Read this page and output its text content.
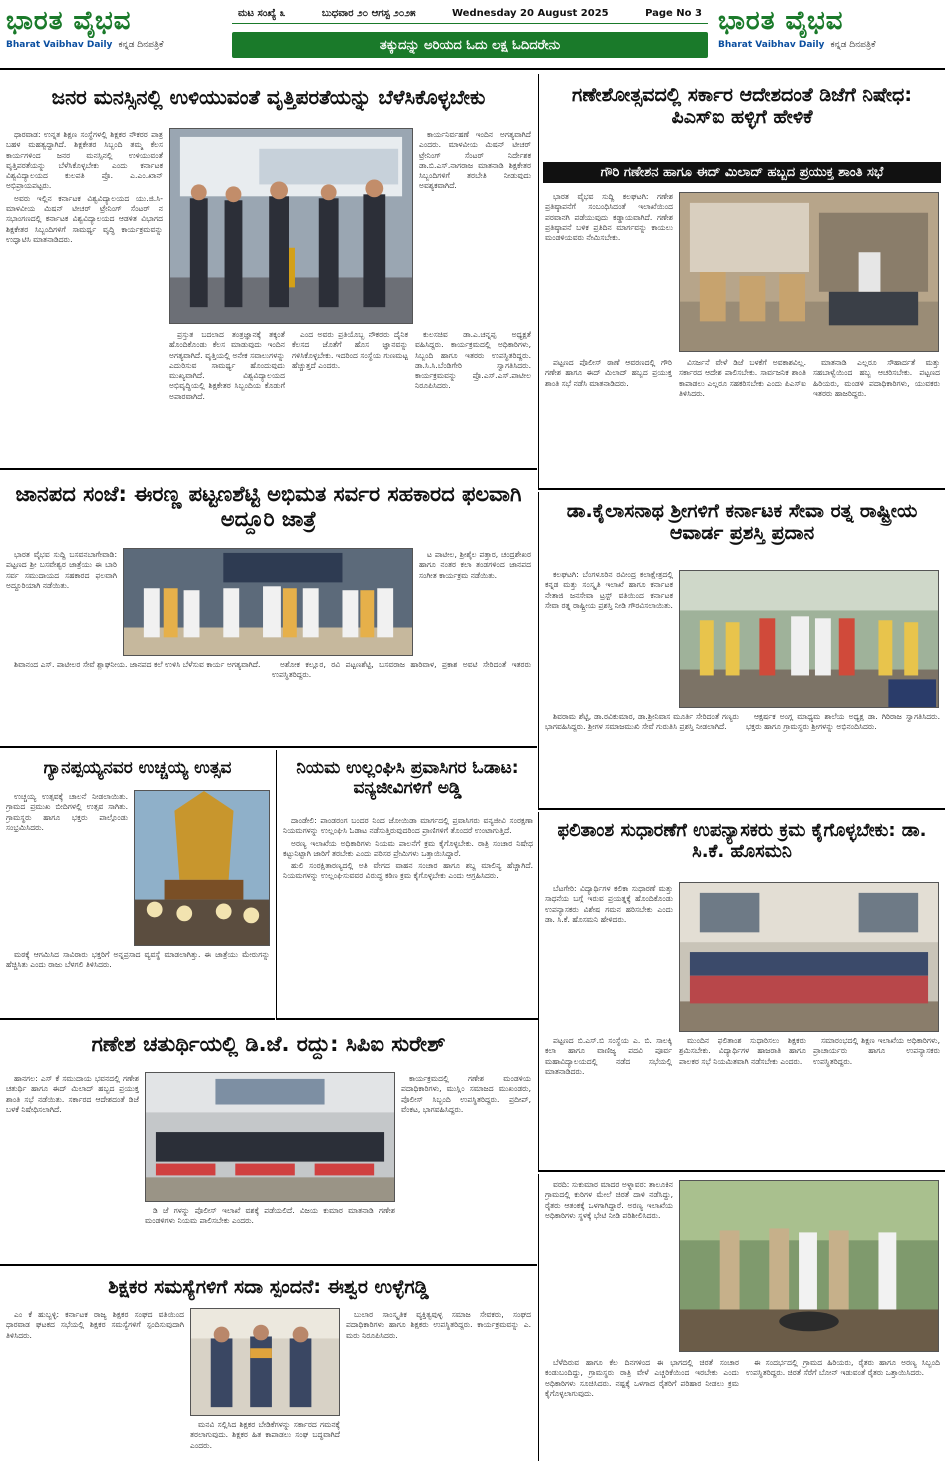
ಭಾರತ ವೈಭವ
Bharat Vaibhav Daily ಕನ್ನಡ ದಿನಪತ್ರಿಕೆ
ಮಟ ಸಂಖ್ಯೆ ೩	ಬುಧವಾರ ೨೦ ಆಗಸ್ಟ ೨೦೨೫	Wednesday 20 August 2025	Page No 3
ತಕ್ಕುದನ್ನು ಅರಿಯದ ಓದು ಲಕ್ಷ ಓದಿದರೇನು
ಭಾರತ ವೈಭವ
Bharat Vaibhav Daily ಕನ್ನಡ ದಿನಪತ್ರಿಕೆ
ಜನರ ಮನಸ್ಸಿನಲ್ಲಿ ಉಳಿಯುವಂತೆ ವೃತ್ತಿಪರತೆಯನ್ನು ಬೆಳೆಸಿಕೊಳ್ಳಬೇಕು

ಧಾರವಾಡ: ಉನ್ನತ ಶಿಕ್ಷಣ ಸಂಸ್ಥೆಗಳಲ್ಲಿ ಶಿಕ್ಷಕರ ನೌಕರರ ಪಾತ್ರ ಬಹಳ ಮಹತ್ವದ್ದಾಗಿದೆ. ಶಿಕ್ಷಕೇತರ ಸಿಬ್ಬಂದಿ ತಮ್ಮ ಕೆಲಸ ಕಾರ್ಯಗಳಿಂದ ಜನರ ಮನಸ್ಸಿನಲ್ಲಿ ಉಳಿಯುವಂತೆ ವೃತ್ತಿಪರತೆಯನ್ನು ಬೆಳೆಸಿಕೊಳ್ಳಬೇಕು ಎಂದು ಕರ್ನಾಟಕ ವಿಶ್ವವಿದ್ಯಾಲಯದ ಕುಲಪತಿ ಪ್ರೊ. ಎ.ಎಂ.ಖಾನ್ ಅಭಿಪ್ರಾಯಪಟ್ಟರು.

ಅವರು ಇಲ್ಲಿನ ಕರ್ನಾಟಕ ವಿಶ್ವವಿದ್ಯಾಲಯದ ಯು.ಜಿ.ಸಿ-ಮಾಳವೀಯ ಮಿಷನ್ ಟೀಚರ್ ಟ್ರೇನಿಂಗ್ ಸೆಂಟರ್ ನ ಸಭಾಂಗಣದಲ್ಲಿ ಕರ್ನಾಟಕ ವಿಶ್ವವಿದ್ಯಾಲಯದ ಆಡಳಿತ ವಿಭಾಗದ ಶಿಕ್ಷಕೇತರ ಸಿಬ್ಬಂದಿಗಳಿಗೆ ಸಾಮರ್ಥ್ಯ ವೃದ್ಧಿ ಕಾರ್ಯಕ್ರಮವನ್ನು ಉದ್ಘಾಟಿಸಿ ಮಾತನಾಡಿದರು.

ಕಾರ್ಯನಿರ್ವಹಣೆ ಇಂದಿನ ಅಗತ್ಯವಾಗಿದೆ ಎಂದರು. ಮಾಳವೀಯ ಮಿಷನ್ ಟೀಚರ್ ಟ್ರೇನಿಂಗ್ ಸೆಂಟರ್ ನಿರ್ದೇಶಕ ಡಾ.ಬಿ.ಎಸ್.ನಾಗರಾಜ ಮಾತನಾಡಿ ಶಿಕ್ಷಕೇತರ ಸಿಬ್ಬಂದಿಗಳಿಗೆ ತರಬೇತಿ ನೀಡುವುದು ಅವಶ್ಯಕವಾಗಿದೆ.

ಪ್ರಸ್ತುತ ಬದಲಾದ ತಂತ್ರಜ್ಞಾನಕ್ಕೆ ತಕ್ಕಂತೆ ಹೊಂದಿಕೊಂಡು ಕೆಲಸ ಮಾಡುವುದು ಇಂದಿನ ಅಗತ್ಯವಾಗಿದೆ. ವೃತ್ತಿಯಲ್ಲಿ ಅನೇಕ ಸವಾಲುಗಳನ್ನು ಎದುರಿಸುವ ಸಾಮರ್ಥ್ಯ ಹೊಂದುವುದು ಮುಖ್ಯವಾಗಿದೆ. ವಿಶ್ವವಿದ್ಯಾಲಯದ ಅಭಿವೃದ್ಧಿಯಲ್ಲಿ ಶಿಕ್ಷಕೇತರ ಸಿಬ್ಬಂದಿಯ ಕೊಡುಗೆ ಅಪಾರವಾಗಿದೆ.

ಎಂದ ಅವರು ಪ್ರತಿಯೊಬ್ಬ ನೌಕರರು ದೈನಿಕ ಕೆಲಸದ ಜೊತೆಗೆ ಹೊಸ ಜ್ಞಾನವನ್ನು ಗಳಿಸಿಕೊಳ್ಳಬೇಕು. ಇದರಿಂದ ಸಂಸ್ಥೆಯ ಗುಣಮಟ್ಟ ಹೆಚ್ಚುತ್ತದೆ ಎಂದರು.

ಕುಲಸಚಿವ ಡಾ.ಎ.ಚನ್ನಪ್ಪ ಅಧ್ಯಕ್ಷತೆ ವಹಿಸಿದ್ದರು. ಕಾರ್ಯಕ್ರಮದಲ್ಲಿ ಅಧಿಕಾರಿಗಳು, ಸಿಬ್ಬಂದಿ ಹಾಗೂ ಇತರರು ಉಪಸ್ಥಿತರಿದ್ದರು. ಡಾ.ಸಿ.ಸಿ.ಬೆಂಡಿಗೇರಿ ಸ್ವಾಗತಿಸಿದರು. ಕಾರ್ಯಕ್ರಮವನ್ನು ಪ್ರೊ.ಎಸ್.ಎಸ್.ಪಾಟೀಲ ನಿರೂಪಿಸಿದರು.

ಗಣೇಶೋತ್ಸವದಲ್ಲಿ ಸರ್ಕಾರ ಆದೇಶದಂತೆ ಡಿಜೆಗೆ ನಿಷೇಧ: ಪಿಎಸ್ಐ ಹಳ್ಳಿಗೆ ಹೇಳಿಕೆ
ಗೌರಿ ಗಣೇಶನ ಹಾಗೂ ಈದ್ ಮಿಲಾದ್ ಹಬ್ಬದ ಪ್ರಯುಕ್ತ ಶಾಂತಿ ಸಭೆ

ಭಾರತ ವೈಭವ ಸುದ್ದಿ ಕಲಘಟಗಿ: ಗಣೇಶ ಪ್ರತಿಷ್ಠಾಪನೆಗೆ ಸಂಬಂಧಿಸಿದಂತೆ ಇಲಾಖೆಯಿಂದ ಪರವಾನಗಿ ಪಡೆಯುವುದು ಕಡ್ಡಾಯವಾಗಿದೆ. ಗಣೇಶ ಪ್ರತಿಷ್ಠಾಪನೆ ಬಳಿಕ ಪ್ರತಿದಿನ ಮಾರ್ಗವನ್ನು ಕಾಯಲು ಮಂಡಳಿಯವರು ನೇಮಿಸಬೇಕು.

ಪಟ್ಟಣದ ಪೊಲೀಸ್ ಠಾಣೆ ಆವರಣದಲ್ಲಿ ಗೌರಿ ಗಣೇಶ ಹಾಗೂ ಈದ್ ಮಿಲಾದ್ ಹಬ್ಬದ ಪ್ರಯುಕ್ತ ಶಾಂತಿ ಸಭೆ ನಡೆಸಿ ಮಾತನಾಡಿದರು.

ವಿಸರ್ಜನೆ ವೇಳೆ ಡಿಜೆ ಬಳಕೆಗೆ ಅವಕಾಶವಿಲ್ಲ. ಸರ್ಕಾರದ ಆದೇಶ ಪಾಲಿಸಬೇಕು. ಸಾರ್ವಜನಿಕ ಶಾಂತಿ ಕಾಪಾಡಲು ಎಲ್ಲರೂ ಸಹಕರಿಸಬೇಕು ಎಂದು ಪಿಎಸ್ಐ ತಿಳಿಸಿದರು.

ಮಾತನಾಡಿ ಎಲ್ಲರೂ ಸೌಹಾರ್ದತೆ ಮತ್ತು ಸಹಬಾಳ್ವೆಯಿಂದ ಹಬ್ಬ ಆಚರಿಸಬೇಕು. ಪಟ್ಟಣದ ಹಿರಿಯರು, ಮಂಡಳಿ ಪದಾಧಿಕಾರಿಗಳು, ಯುವಕರು ಇತರರು ಹಾಜರಿದ್ದರು.

ಜಾನಪದ ಸಂಜೆ: ಈರಣ್ಣ ಪಟ್ಟಣಶೆಟ್ಟಿ ಅಭಿಮತ ಸರ್ವರ ಸಹಕಾರದ ಫಲವಾಗಿ ಅದ್ದೂರಿ ಜಾತ್ರೆ

ಭಾರತ ವೈಭವ ಸುದ್ದಿ ಬಸವನಬಾಗೇವಾಡಿ: ಪಟ್ಟಣದ ಶ್ರೀ ಬಸವೇಶ್ವರ ಜಾತ್ರೆಯು ಈ ಬಾರಿ ಸರ್ವ ಸಮುದಾಯದ ಸಹಕಾರದ ಫಲವಾಗಿ ಅದ್ದೂರಿಯಾಗಿ ನಡೆಯಿತು.

ಟ ಪಾಟೀಲ, ಶ್ರೀಶೈಲ ಪತ್ತಾರ, ಚಂದ್ರಶೇಖರ ಹಾಗೂ ನಂತರ ಕಲಾ ತಂಡಗಳಿಂದ ಜಾನಪದ ಸಂಗೀತ ಕಾರ್ಯಕ್ರಮ ನಡೆಯಿತು.

ಶಿವಾನಂದ ಎಸ್. ಪಾಟೀಲರ ಸೇವೆ ಶ್ಲಾಘನೀಯ. ಜಾನಪದ ಕಲೆ ಉಳಿಸಿ ಬೆಳೆಸುವ ಕಾರ್ಯ ಅಗತ್ಯವಾಗಿದೆ.	ಅಶೋಕ ಕಲ್ಲೂರ, ರವಿ ಪಟ್ಟಣಶೆಟ್ಟಿ, ಬಸವರಾಜ ಹಾರಿವಾಳ, ಪ್ರಕಾಶ ಅವಟಿ ಸೇರಿದಂತೆ ಇತರರು ಉಪಸ್ಥಿತರಿದ್ದರು.

ಡಾ.ಕೈಲಾಸನಾಥ ಶ್ರೀಗಳಿಗೆ ಕರ್ನಾಟಕ ಸೇವಾ ರತ್ನ ರಾಷ್ಟ್ರೀಯ ಆವಾರ್ಡ ಪ್ರಶಸ್ತಿ ಪ್ರದಾನ

ಕಲಘಟಗಿ: ಬೆಂಗಳೂರಿನ ರವೀಂದ್ರ ಕಲಾಕ್ಷೇತ್ರದಲ್ಲಿ ಕನ್ನಡ ಮತ್ತು ಸಂಸ್ಕೃತಿ ಇಲಾಖೆ ಹಾಗೂ ಕರ್ನಾಟಕ ನೇತಾಜಿ ಜನಸೇವಾ ಟ್ರಸ್ಟ್ ವತಿಯಿಂದ ಕರ್ನಾಟಕ ಸೇವಾ ರತ್ನ ರಾಷ್ಟ್ರೀಯ ಪ್ರಶಸ್ತಿ ನೀಡಿ ಗೌರವಿಸಲಾಯಿತು.

ಶಿವರಾಮ ಶೆಟ್ಟಿ, ಡಾ.ರವಿಕುಮಾರ, ಡಾ.ಶ್ರೀನಿವಾಸ ಮೂರ್ತಿ ಸೇರಿದಂತೆ ಗಣ್ಯರು ಭಾಗವಹಿಸಿದ್ದರು. ಶ್ರೀಗಳ ಸಮಾಜಮುಖಿ ಸೇವೆ ಗುರುತಿಸಿ ಪ್ರಶಸ್ತಿ ನೀಡಲಾಗಿದೆ.

ಆಕ್ಷರ್ಷಕ ಅಂಗ್ಲ ಮಾಧ್ಯಮ ಶಾಲೆಯ ಅಧ್ಯಕ್ಷ ಡಾ. ಗಿರಿರಾಜ ಸ್ವಾಗತಿಸಿದರು. ಭಕ್ತರು ಹಾಗೂ ಗ್ರಾಮಸ್ಥರು ಶ್ರೀಗಳನ್ನು ಅಭಿನಂದಿಸಿದರು.

ಗ್ಯಾನಪ್ಪಯ್ಯನವರ ಉಚ್ಚಯ್ಯ ಉತ್ಸವ

ಉಚ್ಚಯ್ಯ ಉತ್ಸವಕ್ಕೆ ಚಾಲನೆ ನೀಡಲಾಯಿತು. ಗ್ರಾಮದ ಪ್ರಮುಖ ಬೀದಿಗಳಲ್ಲಿ ಉತ್ಸವ ಸಾಗಿತು. ಗ್ರಾಮಸ್ಥರು ಹಾಗೂ ಭಕ್ತರು ಪಾಲ್ಗೊಂಡು ಸಂಭ್ರಮಿಸಿದರು.

ಮಠಕ್ಕೆ ಆಗಮಿಸಿದ ಸಾವಿರಾರು ಭಕ್ತರಿಗೆ ಅನ್ನಪ್ರಸಾದ ವ್ಯವಸ್ಥೆ ಮಾಡಲಾಗಿತ್ತು. ಈ ಜಾತ್ರೆಯು ಮೇರುಗನ್ನು ಹೆಚ್ಚಿಸಿತು ಎಂದು ರಾಜು ಬೆಳಗಲಿ ತಿಳಿಸಿದರು.

ನಿಯಮ ಉಲ್ಲಂಘಿಸಿ ಪ್ರವಾಸಿಗರ ಓಡಾಟ: ವನ್ಯಜೀವಿಗಳಿಗೆ ಅಡ್ಡಿ

ದಾಂಡೇಲಿ: ಪಾಂಡರಂಗ ಬಂದರ ನಿಂದ ಜೋಯಿಡಾ ಮಾರ್ಗದಲ್ಲಿ ಪ್ರವಾಸಿಗರು ವನ್ಯಜೀವಿ ಸಂರಕ್ಷಣಾ ನಿಯಮಗಳನ್ನು ಉಲ್ಲಂಘಿಸಿ ಓಡಾಟ ನಡೆಸುತ್ತಿರುವುದರಿಂದ ಪ್ರಾಣಿಗಳಿಗೆ ತೊಂದರೆ ಉಂಟಾಗುತ್ತಿದೆ.

ಅರಣ್ಯ ಇಲಾಖೆಯ ಅಧಿಕಾರಿಗಳು ನಿಯಮ ಪಾಲನೆಗೆ ಕ್ರಮ ಕೈಗೊಳ್ಳಬೇಕು. ರಾತ್ರಿ ಸಂಚಾರ ನಿಷೇಧ ಕಟ್ಟುನಿಟ್ಟಾಗಿ ಜಾರಿಗೆ ತರಬೇಕು ಎಂದು ಪರಿಸರ ಪ್ರೇಮಿಗಳು ಒತ್ತಾಯಿಸಿದ್ದಾರೆ.

ಹುಲಿ ಸಂರಕ್ಷಿತಾರಣ್ಯದಲ್ಲಿ ಅತಿ ವೇಗದ ವಾಹನ ಸಂಚಾರ ಹಾಗೂ ಶಬ್ದ ಮಾಲಿನ್ಯ ಹೆಚ್ಚಾಗಿದೆ. ನಿಯಮಗಳನ್ನು ಉಲ್ಲಂಘಿಸುವವರ ವಿರುದ್ಧ ಕಠಿಣ ಕ್ರಮ ಕೈಗೊಳ್ಳಬೇಕು ಎಂದು ಆಗ್ರಹಿಸಿದರು.

ಫಲಿತಾಂಶ ಸುಧಾರಣೆಗೆ ಉಪನ್ಯಾಸಕರು ಕ್ರಮ ಕೈಗೊಳ್ಳಬೇಕು: ಡಾ. ಸಿ.ಕೆ. ಹೊಸಮನಿ

ಬೆಟಗೇರಿ: ವಿದ್ಯಾರ್ಥಿಗಳ ಕಲಿಕಾ ಸುಧಾರಣೆ ಮತ್ತು ಸಾಧನೆಯ ಬಗ್ಗೆ ಇರುವ ಪ್ರಯತ್ನಕ್ಕೆ ಹೊಂದಿಕೊಂಡು ಉಪನ್ಯಾಸಕರು ವಿಶೇಷ ಗಮನ ಹರಿಸಬೇಕು ಎಂದು ಡಾ. ಸಿ.ಕೆ. ಹೊಸಮನಿ ಹೇಳಿದರು.

ಪಟ್ಟಣದ ಬಿ.ಎಸ್.ಬಿ ಸಂಸ್ಥೆಯ ಎ. ಬಿ. ಸಾಲಕ್ಕಿ ಕಲಾ ಹಾಗೂ ವಾಣಿಜ್ಯ ಪದವಿ ಪೂರ್ವ ಮಹಾವಿದ್ಯಾಲಯದಲ್ಲಿ ನಡೆದ ಸಭೆಯಲ್ಲಿ ಮಾತನಾಡಿದರು.

ಮುಂದಿನ ಫಲಿತಾಂಶ ಸುಧಾರಿಸಲು ಶಿಕ್ಷಕರು ಶ್ರಮಿಸಬೇಕು. ವಿದ್ಯಾರ್ಥಿಗಳ ಹಾಜರಾತಿ ಹಾಗೂ ಪಾಲಕರ ಸಭೆ ನಿಯಮಿತವಾಗಿ ನಡೆಸಬೇಕು ಎಂದರು.

ಸಮಾರಂಭದಲ್ಲಿ ಶಿಕ್ಷಣ ಇಲಾಖೆಯ ಅಧಿಕಾರಿಗಳು, ಪ್ರಾಚಾರ್ಯರು ಹಾಗೂ ಉಪನ್ಯಾಸಕರು ಉಪಸ್ಥಿತರಿದ್ದರು.

ಗಣೇಶ ಚತುರ್ಥಿಯಲ್ಲಿ ಡಿ.ಜೆ. ರದ್ದು: ಸಿಪಿಐ ಸುರೇಶ್

ಹಾನಗಲ: ಎಸ್ ಕೆ ಸಮುದಾಯ ಭವನದಲ್ಲಿ ಗಣೇಶ ಚತುರ್ಥಿ ಹಾಗೂ ಈದ್ ಮಿಲಾದ್ ಹಬ್ಬದ ಪ್ರಯುಕ್ತ ಶಾಂತಿ ಸಭೆ ನಡೆಯಿತು. ಸರ್ಕಾರದ ಆದೇಶದಂತೆ ಡಿಜೆ ಬಳಕೆ ನಿಷೇಧಿಸಲಾಗಿದೆ.

ಕಾರ್ಯಕ್ರಮದಲ್ಲಿ ಗಣೇಶ ಮಂಡಳಿಯ ಪದಾಧಿಕಾರಿಗಳು, ಮುಸ್ಲಿಂ ಸಮಾಜದ ಮುಖಂಡರು, ಪೊಲೀಸ್ ಸಿಬ್ಬಂದಿ ಉಪಸ್ಥಿತರಿದ್ದರು. ಪ್ರದೀಪ್, ವೆಂಕಟ, ಭಾಗವಹಿಸಿದ್ದರು.

ಡಿ ಜೆ ಗಳನ್ನು ಪೊಲೀಸ್ ಇಲಾಖೆ ವಶಕ್ಕೆ ಪಡೆಯಲಿದೆ. ವಿಜಯ ಕುಮಾರ ಮಾತನಾಡಿ ಗಣೇಶ ಮಂಡಳಿಗಳು ನಿಯಮ ಪಾಲಿಸಬೇಕು ಎಂದರು.

ಶಿಕ್ಷಕರ ಸಮಸ್ಯೆಗಳಿಗೆ ಸದಾ ಸ್ಪಂದನೆ: ಈಶ್ವರ ಉಳ್ಳೆಗಡ್ಡಿ

ಎಂ ಕೆ ಹುಬ್ಬಳ್ಳಿ: ಕರ್ನಾಟಕ ರಾಜ್ಯ ಶಿಕ್ಷಕರ ಸಂಘದ ವತಿಯಿಂದ ಧಾರವಾಡ ಘಟಕದ ಸಭೆಯಲ್ಲಿ ಶಿಕ್ಷಕರ ಸಮಸ್ಯೆಗಳಿಗೆ ಸ್ಪಂದಿಸುವುದಾಗಿ ತಿಳಿಸಿದರು.

ಬುಲಾರ ಸಾಂಸ್ಕೃತಿಕ ವ್ಯಕ್ತಿತ್ವವುಳ್ಳ ಸಮಾಜ ಸೇವಕರು, ಸಂಘದ ಪದಾಧಿಕಾರಿಗಳು ಹಾಗೂ ಶಿಕ್ಷಕರು ಉಪಸ್ಥಿತರಿದ್ದರು. ಕಾರ್ಯಕ್ರಮವನ್ನು ಎ. ಮರು ನಿರೂಪಿಸಿದರು.

ಮನವಿ ಸಲ್ಲಿಸಿದ ಶಿಕ್ಷಕರ ಬೇಡಿಕೆಗಳನ್ನು ಸರ್ಕಾರದ ಗಮನಕ್ಕೆ ತರಲಾಗುವುದು. ಶಿಕ್ಷಕರ ಹಿತ ಕಾಪಾಡಲು ಸಂಘ ಬದ್ಧವಾಗಿದೆ ಎಂದರು.

ವರದಿ: ಸುಕುಮಾರ ಮಾದರ ಅಳ್ನಾವರ: ತಾಲೂಕಿನ ಗ್ರಾಮದಲ್ಲಿ ಕುರಿಗಳ ಮೇಲೆ ಚಿರತೆ ದಾಳಿ ನಡೆಸಿದ್ದು, ರೈತರು ಆತಂಕಕ್ಕೆ ಒಳಗಾಗಿದ್ದಾರೆ. ಅರಣ್ಯ ಇಲಾಖೆಯ ಅಧಿಕಾರಿಗಳು ಸ್ಥಳಕ್ಕೆ ಭೇಟಿ ನೀಡಿ ಪರಿಶೀಲಿಸಿದರು.

ಬೆಳೆದಿರುವ ಹಾಗೂ ಕೆಲ ದಿನಗಳಿಂದ ಈ ಭಾಗದಲ್ಲಿ ಚಿರತೆ ಸಂಚಾರ ಕಂಡುಬಂದಿದ್ದು, ಗ್ರಾಮಸ್ಥರು ರಾತ್ರಿ ವೇಳೆ ಎಚ್ಚರಿಕೆಯಿಂದ ಇರಬೇಕು ಎಂದು ಅಧಿಕಾರಿಗಳು ಸೂಚಿಸಿದರು. ನಷ್ಟಕ್ಕೆ ಒಳಗಾದ ರೈತರಿಗೆ ಪರಿಹಾರ ನೀಡಲು ಕ್ರಮ ಕೈಗೊಳ್ಳಲಾಗುವುದು.

ಈ ಸಂದರ್ಭದಲ್ಲಿ ಗ್ರಾಮದ ಹಿರಿಯರು, ರೈತರು ಹಾಗೂ ಅರಣ್ಯ ಸಿಬ್ಬಂದಿ ಉಪಸ್ಥಿತರಿದ್ದರು. ಚಿರತೆ ಸೆರೆಗೆ ಬೋನ್ ಇಡುವಂತೆ ರೈತರು ಒತ್ತಾಯಿಸಿದರು.
